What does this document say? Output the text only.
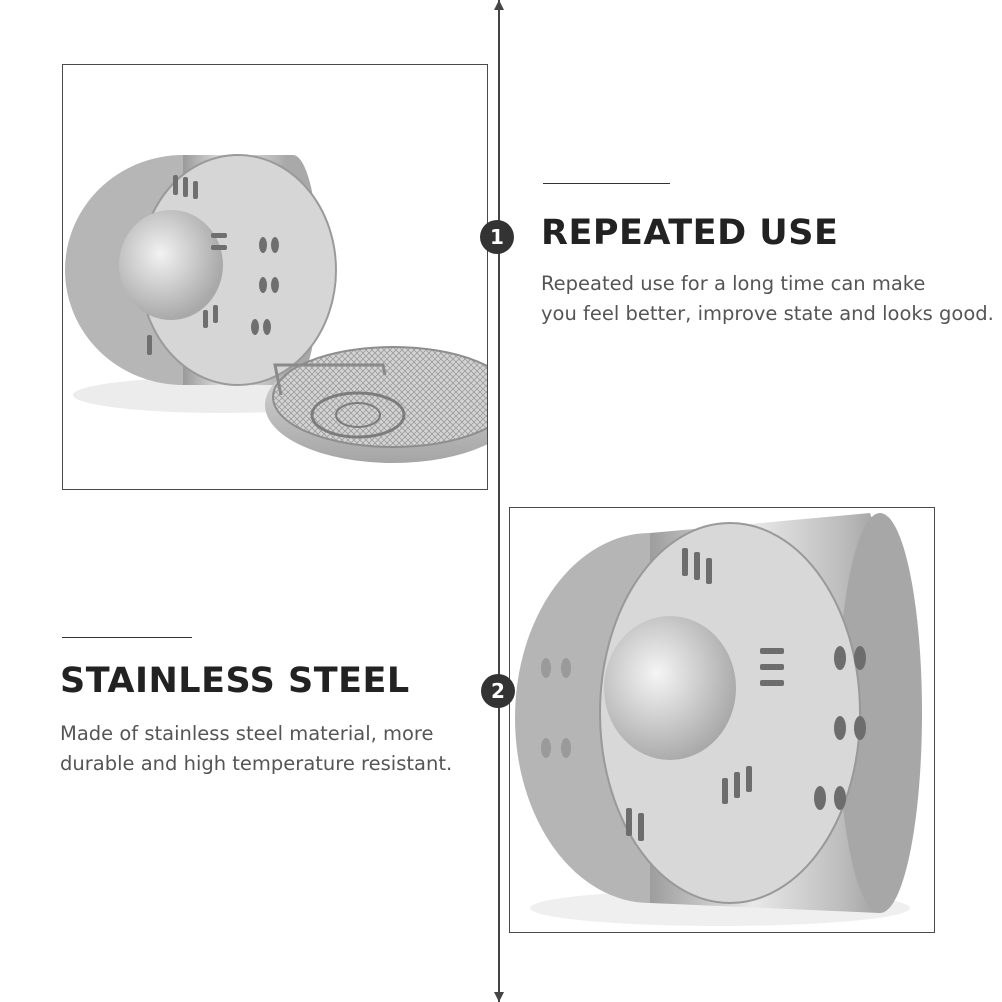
1 REPEATED USE
Repeated use for a long time can make
you feel better, improve state and looks good.
2
STAINLESS STEEL
Made of stainless steel material, more
durable and high temperature resistant.
